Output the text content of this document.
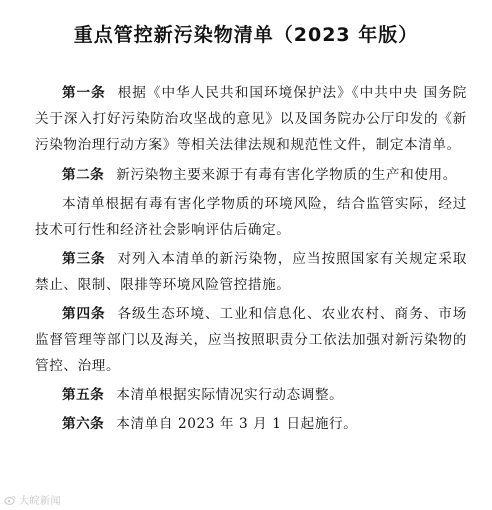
重点管控新污染物清单（2023 年版）

第一条 根据《中华人民共和国环境保护法》《中共中央 国务院关于深入打好污染防治攻坚战的意见》以及国务院办公厅印发的《新污染物治理行动方案》等相关法律法规和规范性文件，制定本清单。

第二条 新污染物主要来源于有毒有害化学物质的生产和使用。

本清单根据有毒有害化学物质的环境风险，结合监管实际，经过技术可行性和经济社会影响评估后确定。

第三条 对列入本清单的新污染物，应当按照国家有关规定采取禁止、限制、限排等环境风险管控措施。

第四条 各级生态环境、工业和信息化、农业农村、商务、市场监督管理等部门以及海关，应当按照职责分工依法加强对新污染物的管控、治理。

第五条 本清单根据实际情况实行动态调整。

第六条 本清单自 2023 年 3 月 1 日起施行。

大皖新闻
